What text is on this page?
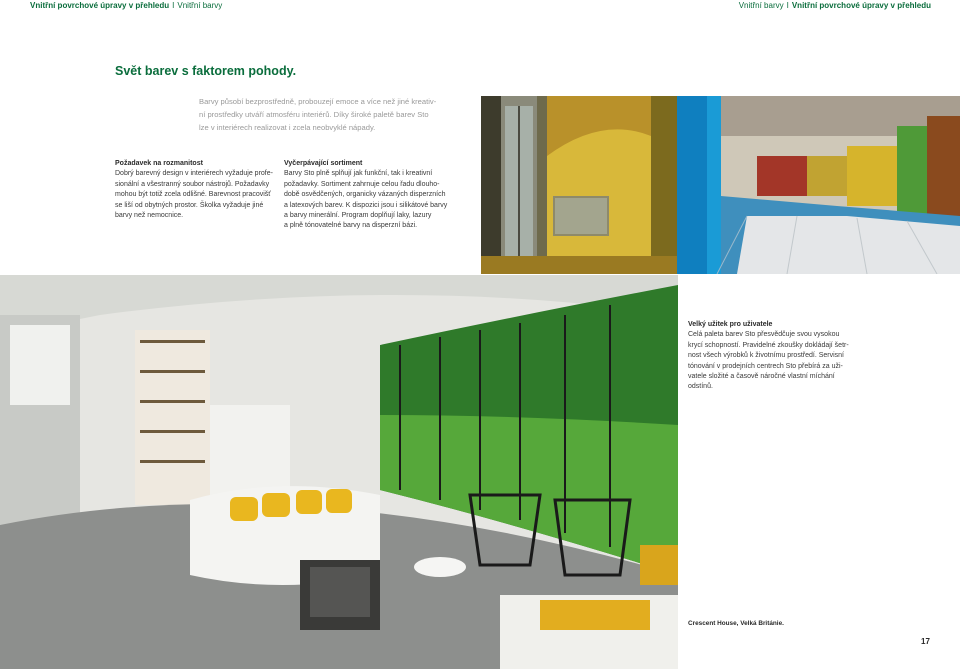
Vnitřní povrchové úpravy v přehledu I Vnitřní barvy	Vnitřní barvy I Vnitřní povrchové úpravy v přehledu
Svět barev s faktorem pohody.
Barvy působí bezprostředně, probouzejí emoce a více než jiné kreativ-
ní prostředky utváří atmosféru interiérů. Díky široké paletě barev Sto
lze v interiérech realizovat i zcela neobvyklé nápady.
Požadavek na rozmanitost
Dobrý barevný design v interiérech vyžaduje profe-
sionální a všestranný soubor nástrojů. Požadavky
mohou být totiž zcela odlišné. Barevnost pracovišť
se liší od obytných prostor. Školka vyžaduje jiné
barvy než nemocnice.
Vyčerpávající sortiment
Barvy Sto plně splňují jak funkční, tak i kreativní
požadavky. Sortiment zahrnuje celou řadu dlouho-
době osvědčených, organicky vázaných disperzních
a latexových barev. K dispozici jsou i silikátové barvy
a barvy minerální. Program doplňují laky, lazury
a plně tónovatelné barvy na disperzní bázi.
Velký užitek pro uživatele
Celá paleta barev Sto přesvědčuje svou vysokou
krycí schopností. Pravidelné zkoušky dokládají šetr-
nost všech výrobků k životnímu prostředí. Servisní
tónování v prodejních centrech Sto přebírá za uži-
vatele složité a časově náročné vlastní míchání
odstínů.
Crescent House, Velká Británie.
17
